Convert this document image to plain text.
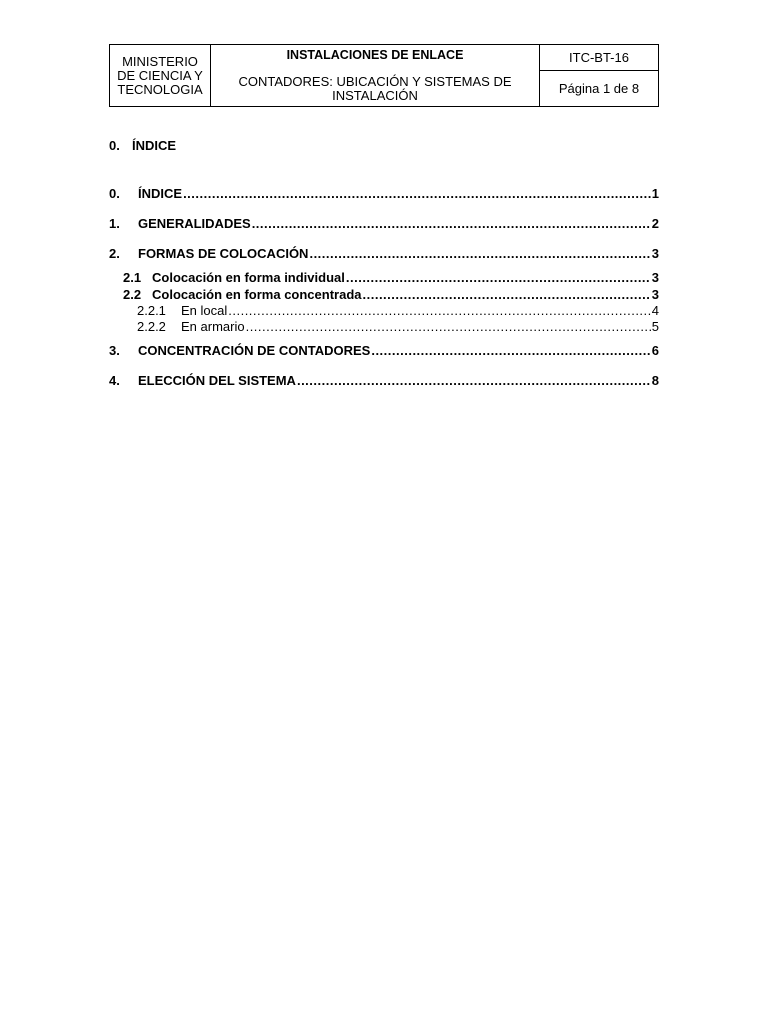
MINISTERIO
DE CIENCIA Y
TECNOLOGIA	
INSTALACIONES DE ENLACE
CONTADORES: UBICACIÓN Y SISTEMAS DE
INSTALACIÓN
	ITC-BT-16
Página 1 de 8
0. ÍNDICE
0.	ÍNDICE .....	1
1.	GENERALIDADES .....	2
2.	FORMAS DE COLOCACIÓN .....	3
2.1 Colocación en forma individual .....	3
2.2 Colocación en forma concentrada .....	3
2.2.1	En local .....	4
2.2.2	En armario .....	5
3.	CONCENTRACIÓN DE CONTADORES .....	6
4.	ELECCIÓN DEL SISTEMA .....	8
